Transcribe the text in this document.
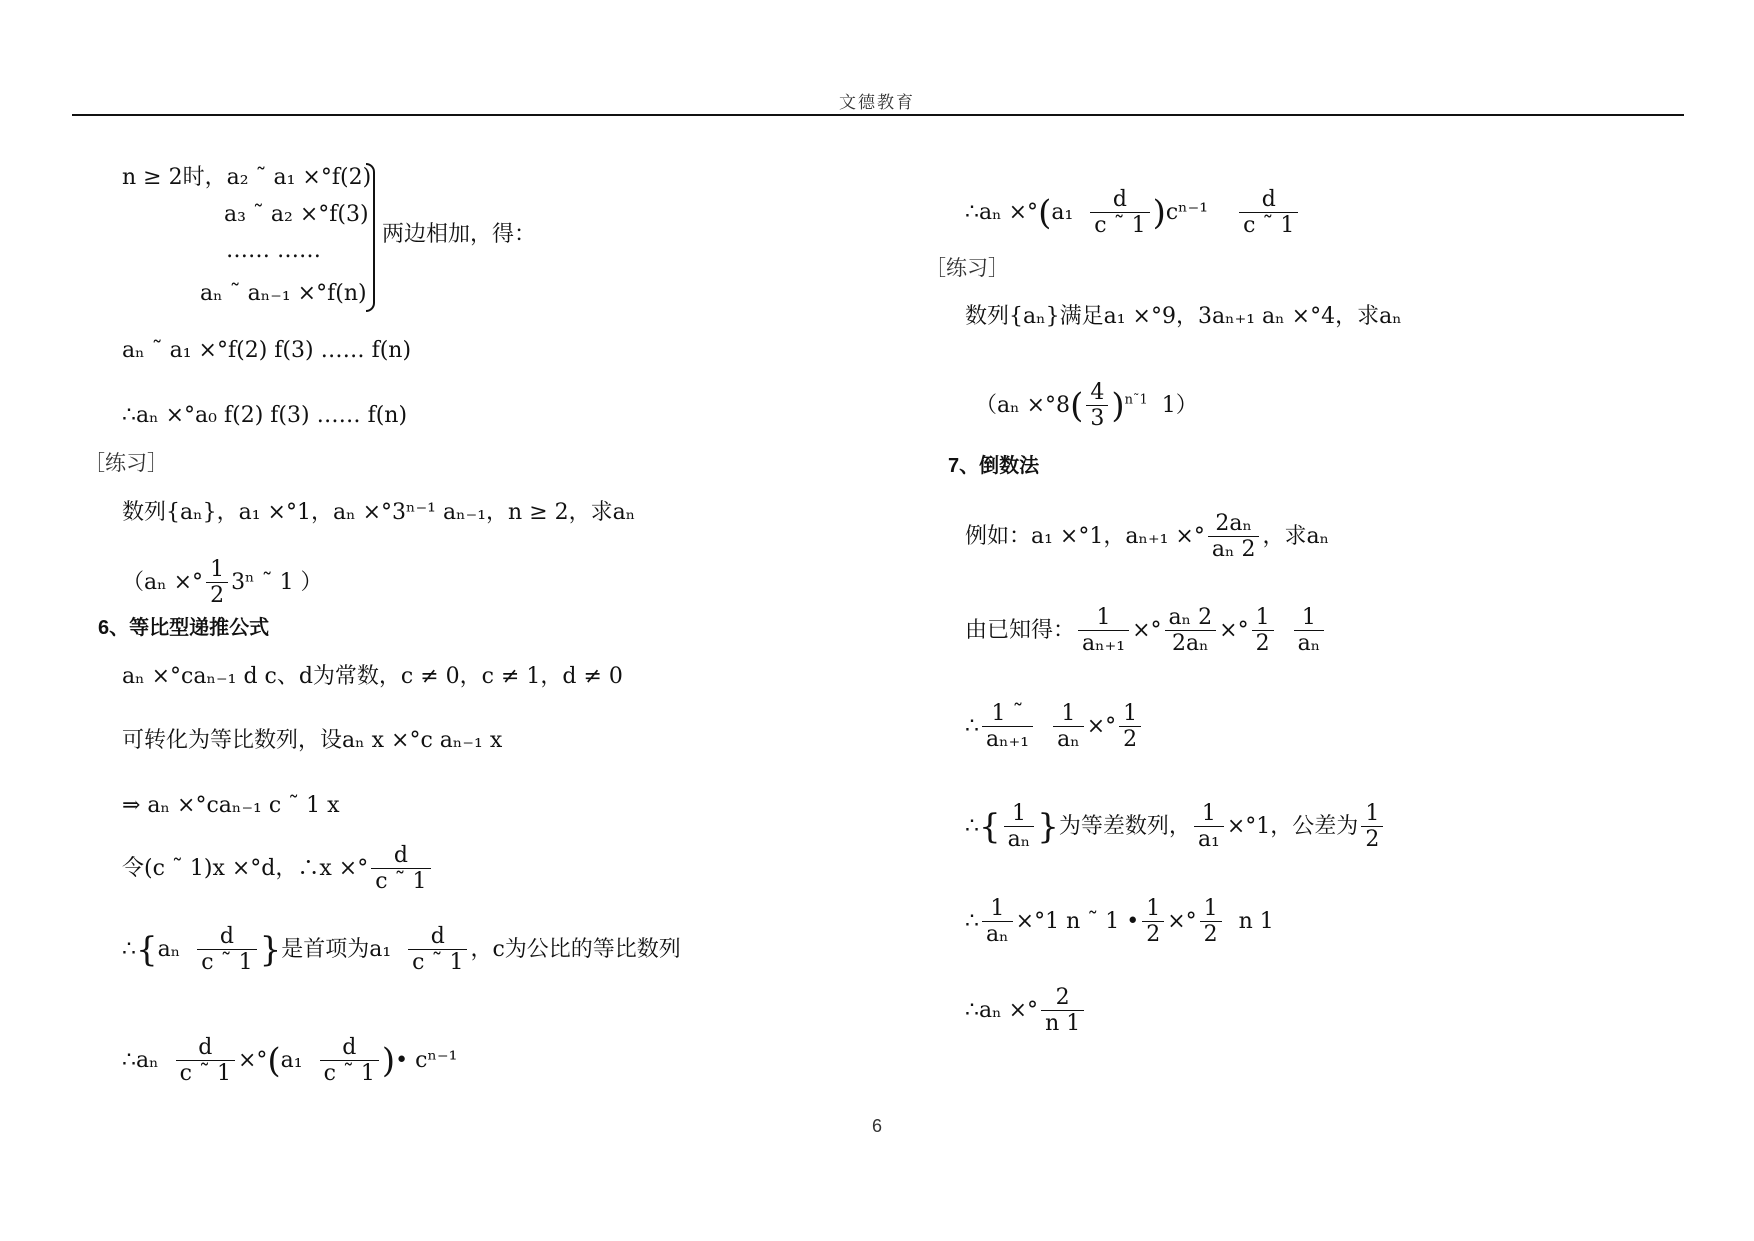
文德教育
n ≥ 2时，a₂ ˜ a₁ ×°f(2)
a₃ ˜ a₂ ×°f(3)
…… ……
aₙ ˜ aₙ₋₁ ×°f(n)
两边相加，得：
aₙ ˜ a₁ ×°f(2) f(3) …… f(n)
∴aₙ ×°a₀ f(2) f(3) …… f(n)
［练习］
数列{aₙ}，a₁ ×°1，aₙ ×°3ⁿ⁻¹ aₙ₋₁，n ≥ 2，求aₙ
（aₙ ×° $\frac{1}{2} 3^n$ ˜ 1 ）
6、等比型递推公式
aₙ ×°caₙ₋₁ d c、d为常数，c ≠ 0，c ≠ 1，d ≠ 0
可转化为等比数列，设aₙ x ×°c aₙ₋₁ x
⇒ aₙ ×°caₙ₋₁ c ˜ 1 x
令(c ˜ 1)x ×°d，∴x ×° $\frac{d}{c ˜ 1}$
∴{aₙ $\frac{d}{c ˜ 1}$ }是首项为$a_1 \frac{d}{c ˜ 1}$ ，c为公比的等比数列
∴aₙ $\frac{d}{c ˜ 1} \times^\circ(a_1 \frac{d}{c ˜ 1}$ )• cⁿ⁻¹
∴aₙ $\times^\circ(a_1 \frac{d}{c ˜ 1} )c^{n-1} \frac{d}{c ˜ 1}$
［练习］
数列{aₙ}满足a₁ ×°9，3aₙ₊₁ aₙ ×°4，求aₙ
（$a_n \times^\circ 8( \frac{4}{3} )^{n˜1}$ 1）
7、倒数法
例如：a₁ ×°1，aₙ₊₁ ×° $\frac{\text{2aₙ}}{\text{aₙ 2}}$ ，求aₙ
由已知得： $\frac{1}{\text{aₙ₊₁}}$ ×° $\frac{\text{aₙ 2}}{\text{2aₙ}}$ ×° $\frac{1}{2}$
$\frac{1}{\text{aₙ}}$
∴ $\frac{1 ˜}{\text{aₙ₊₁}}$
$\frac{1}{\text{aₙ}}$ ×° $\frac{1}{2}$
∴{ $\frac{1}{\text{aₙ}}$ }为等差数列， $\frac{1}{\text{a₁}} \times^\circ 1$，公差为 $\frac{1}{2}$
∴ $\frac{1}{\text{aₙ}} \times^\circ 1$ n ˜ 1 • $\frac{1}{2}$ ×° $\frac{1}{2}$ n 1
∴aₙ ×° $\frac{2}{n 1}$
6
